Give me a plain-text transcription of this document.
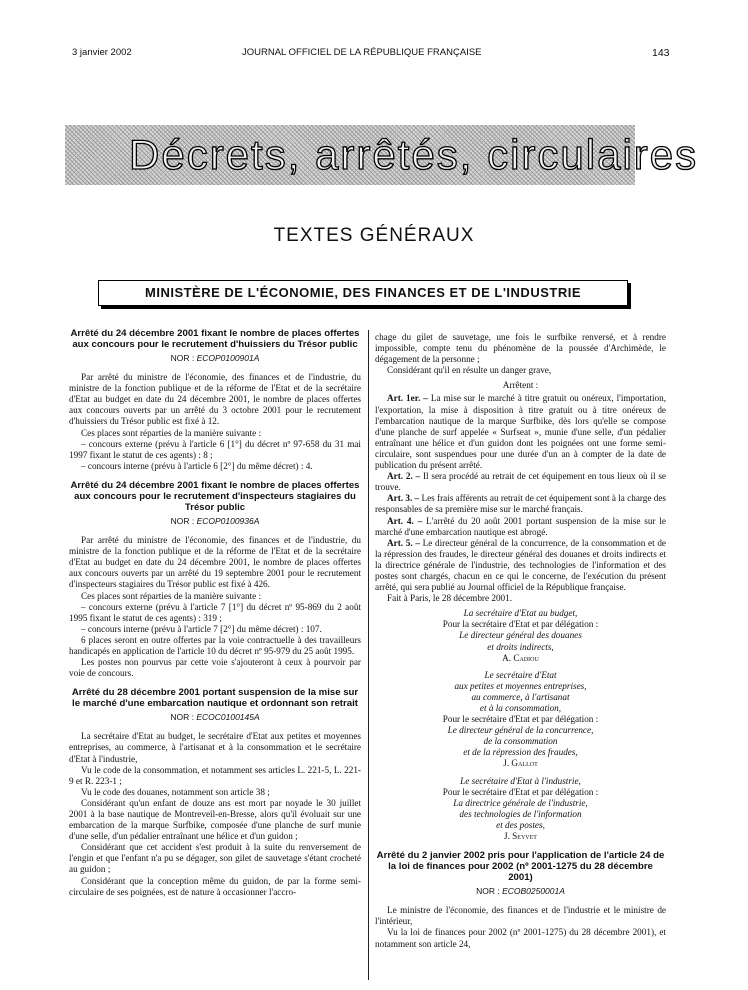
3 janvier 2002	JOURNAL OFFICIEL DE LA RÉPUBLIQUE FRANÇAISE	143
Décrets, arrêtés, circulaires
TEXTES GÉNÉRAUX
MINISTÈRE DE L'ÉCONOMIE, DES FINANCES ET DE L'INDUSTRIE
Arrêté du 24 décembre 2001 fixant le nombre de places offertes aux concours pour le recrutement d'huissiers du Trésor public
NOR : ECOP0100901A

Par arrêté du ministre de l'économie, des finances et de l'industrie, du ministre de la fonction publique et de la réforme de l'Etat et de la secrétaire d'Etat au budget en date du 24 décembre 2001, le nombre de places offertes aux concours ouverts par un arrêté du 3 octobre 2001 pour le recrutement d'huissiers du Trésor public est fixé à 12.

Ces places sont réparties de la manière suivante :

– concours externe (prévu à l'article 6 [1°] du décret nº 97-658 du 31 mai 1997 fixant le statut de ces agents) : 8 ;

– concours interne (prévu à l'article 6 [2°] du même décret) : 4.

Arrêté du 24 décembre 2001 fixant le nombre de places offertes aux concours pour le recrutement d'inspecteurs stagiaires du Trésor public
NOR : ECOP0100936A

Par arrêté du ministre de l'économie, des finances et de l'industrie, du ministre de la fonction publique et de la réforme de l'Etat et de la secrétaire d'Etat au budget en date du 24 décembre 2001, le nombre de places offertes aux concours ouverts par un arrêté du 19 septembre 2001 pour le recrutement d'inspecteurs stagiaires du Trésor public est fixé à 426.

Ces places sont réparties de la manière suivante :

– concours externe (prévu à l'article 7 [1°] du décret nº 95-869 du 2 août 1995 fixant le statut de ces agents) : 319 ;

– concours interne (prévu à l'article 7 [2°] du même décret) : 107.

6 places seront en outre offertes par la voie contractuelle à des travailleurs handicapés en application de l'article 10 du décret nº 95-979 du 25 août 1995.

Les postes non pourvus par cette voie s'ajouteront à ceux à pourvoir par voie de concours.

Arrêté du 28 décembre 2001 portant suspension de la mise sur le marché d'une embarcation nautique et ordonnant son retrait
NOR : ECOC0100145A

La secrétaire d'Etat au budget, le secrétaire d'Etat aux petites et moyennes entreprises, au commerce, à l'artisanat et à la consommation et le secrétaire d'Etat à l'industrie,

Vu le code de la consommation, et notamment ses articles L. 221-5, L. 221-9 et R. 223-1 ;

Vu le code des douanes, notamment son article 38 ;

Considérant qu'un enfant de douze ans est mort par noyade le 30 juillet 2001 à la base nautique de Montreveil-en-Bresse, alors qu'il évoluait sur une embarcation de la marque Surfbike, composée d'une planche de surf munie d'une selle, d'un pédalier entraînant une hélice et d'un guidon ;

Considérant que cet accident s'est produit à la suite du renversement de l'engin et que l'enfant n'a pu se dégager, son gilet de sauvetage s'étant crocheté au guidon ;

Considérant que la conception même du guidon, de par la forme semi-circulaire de ses poignées, est de nature à occasionner l'accro-

chage du gilet de sauvetage, une fois le surfbike renversé, et à rendre impossible, compte tenu du phénomène de la poussée d'Archimède, le dégagement de la personne ;

Considérant qu'il en résulte un danger grave,

Arrêtent :

Art. 1er. – La mise sur le marché à titre gratuit ou onéreux, l'importation, l'exportation, la mise à disposition à titre gratuit ou à titre onéreux de l'embarcation nautique de la marque Surfbike, dès lors qu'elle se compose d'une planche de surf appelée « Surfseat », munie d'une selle, d'un pédalier entraînant une hélice et d'un guidon dont les poignées ont une forme semi-circulaire, sont suspendues pour une durée d'un an à compter de la date de publication du présent arrêté.

Art. 2. – Il sera procédé au retrait de cet équipement en tous lieux où il se trouve.

Art. 3. – Les frais afférents au retrait de cet équipement sont à la charge des responsables de sa première mise sur le marché français.

Art. 4. – L'arrêté du 20 août 2001 portant suspension de la mise sur le marché d'une embarcation nautique est abrogé.

Art. 5. – Le directeur général de la concurrence, de la consommation et de la répression des fraudes, le directeur général des douanes et droits indirects et la directrice générale de l'industrie, des technologies de l'information et des postes sont chargés, chacun en ce qui le concerne, de l'exécution du présent arrêté, qui sera publié au Journal officiel de la République française.

Fait à Paris, le 28 décembre 2001.

La secrétaire d'Etat au budget,
Pour la secrétaire d'Etat et par délégation :
Le directeur général des douanes
et droits indirects,
A. Cadiou
Le secrétaire d'Etat
aux petites et moyennes entreprises,
au commerce, à l'artisanat
et à la consommation,
Pour le secrétaire d'Etat et par délégation :
Le directeur général de la concurrence,
de la consommation
et de la répression des fraudes,
J. Gallot
Le secrétaire d'Etat à l'industrie,
Pour le secrétaire d'Etat et par délégation :
La directrice générale de l'industrie,
des technologies de l'information
et des postes,
J. Seyvet
Arrêté du 2 janvier 2002 pris pour l'application de l'article 24 de la loi de finances pour 2002 (nº 2001-1275 du 28 décembre 2001)
NOR : ECOB0250001A

Le ministre de l'économie, des finances et de l'industrie et le ministre de l'intérieur,

Vu la loi de finances pour 2002 (nº 2001-1275) du 28 décembre 2001), et notamment son article 24,
